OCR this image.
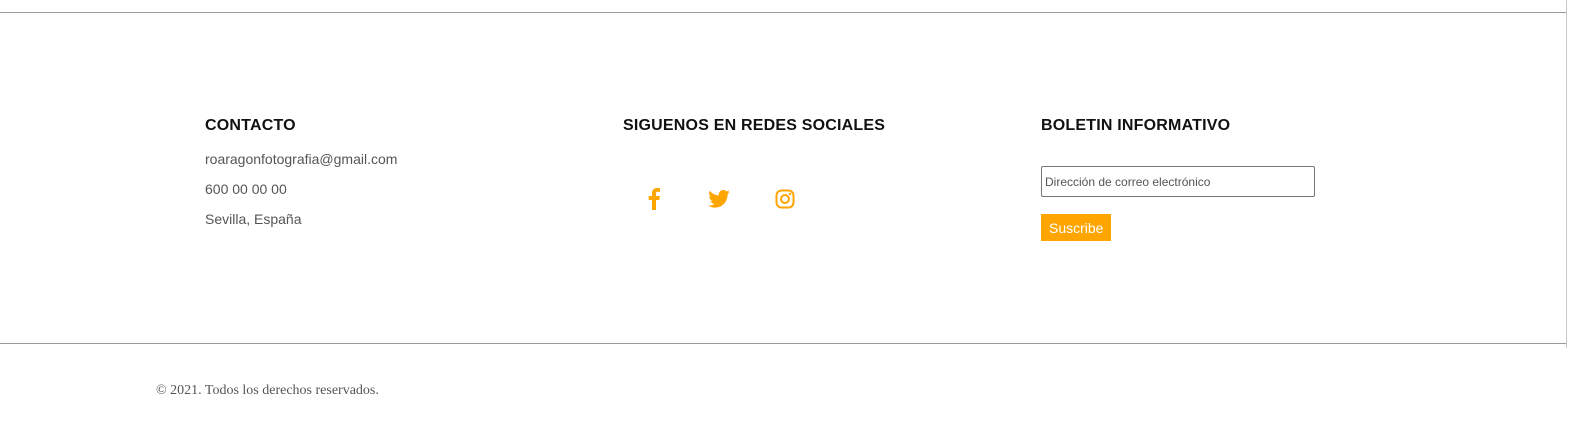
CONTACTO
roaragonfotografia@gmail.com
600 00 00 00
Sevilla, España
SIGUENOS EN REDES SOCIALES	BOLETIN INFORMATIVO
Dirección de correo electrónico
Suscribe
© 2021. Todos los derechos reservados.
